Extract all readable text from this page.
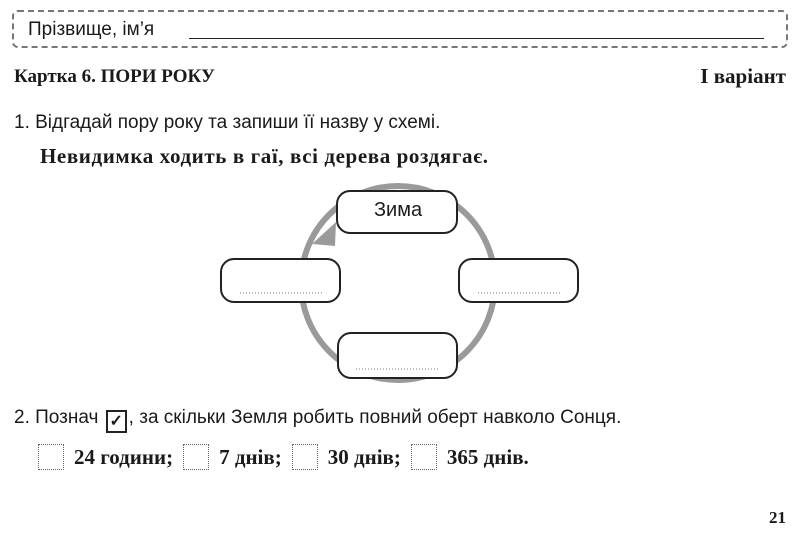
Прізвище, ім’я
Картка 6. ПОРИ РОКУ	I варіант
1. Відгадай пору року та запиши її назву у схемі.
Невидимка ходить в гаї, всі дерева роздягає.
Зима
2. Познач ✓ , за скільки Земля робить повний оберт навколо Сонця.
24 години; 7 днів; 30 днів; 365 днів.
21
